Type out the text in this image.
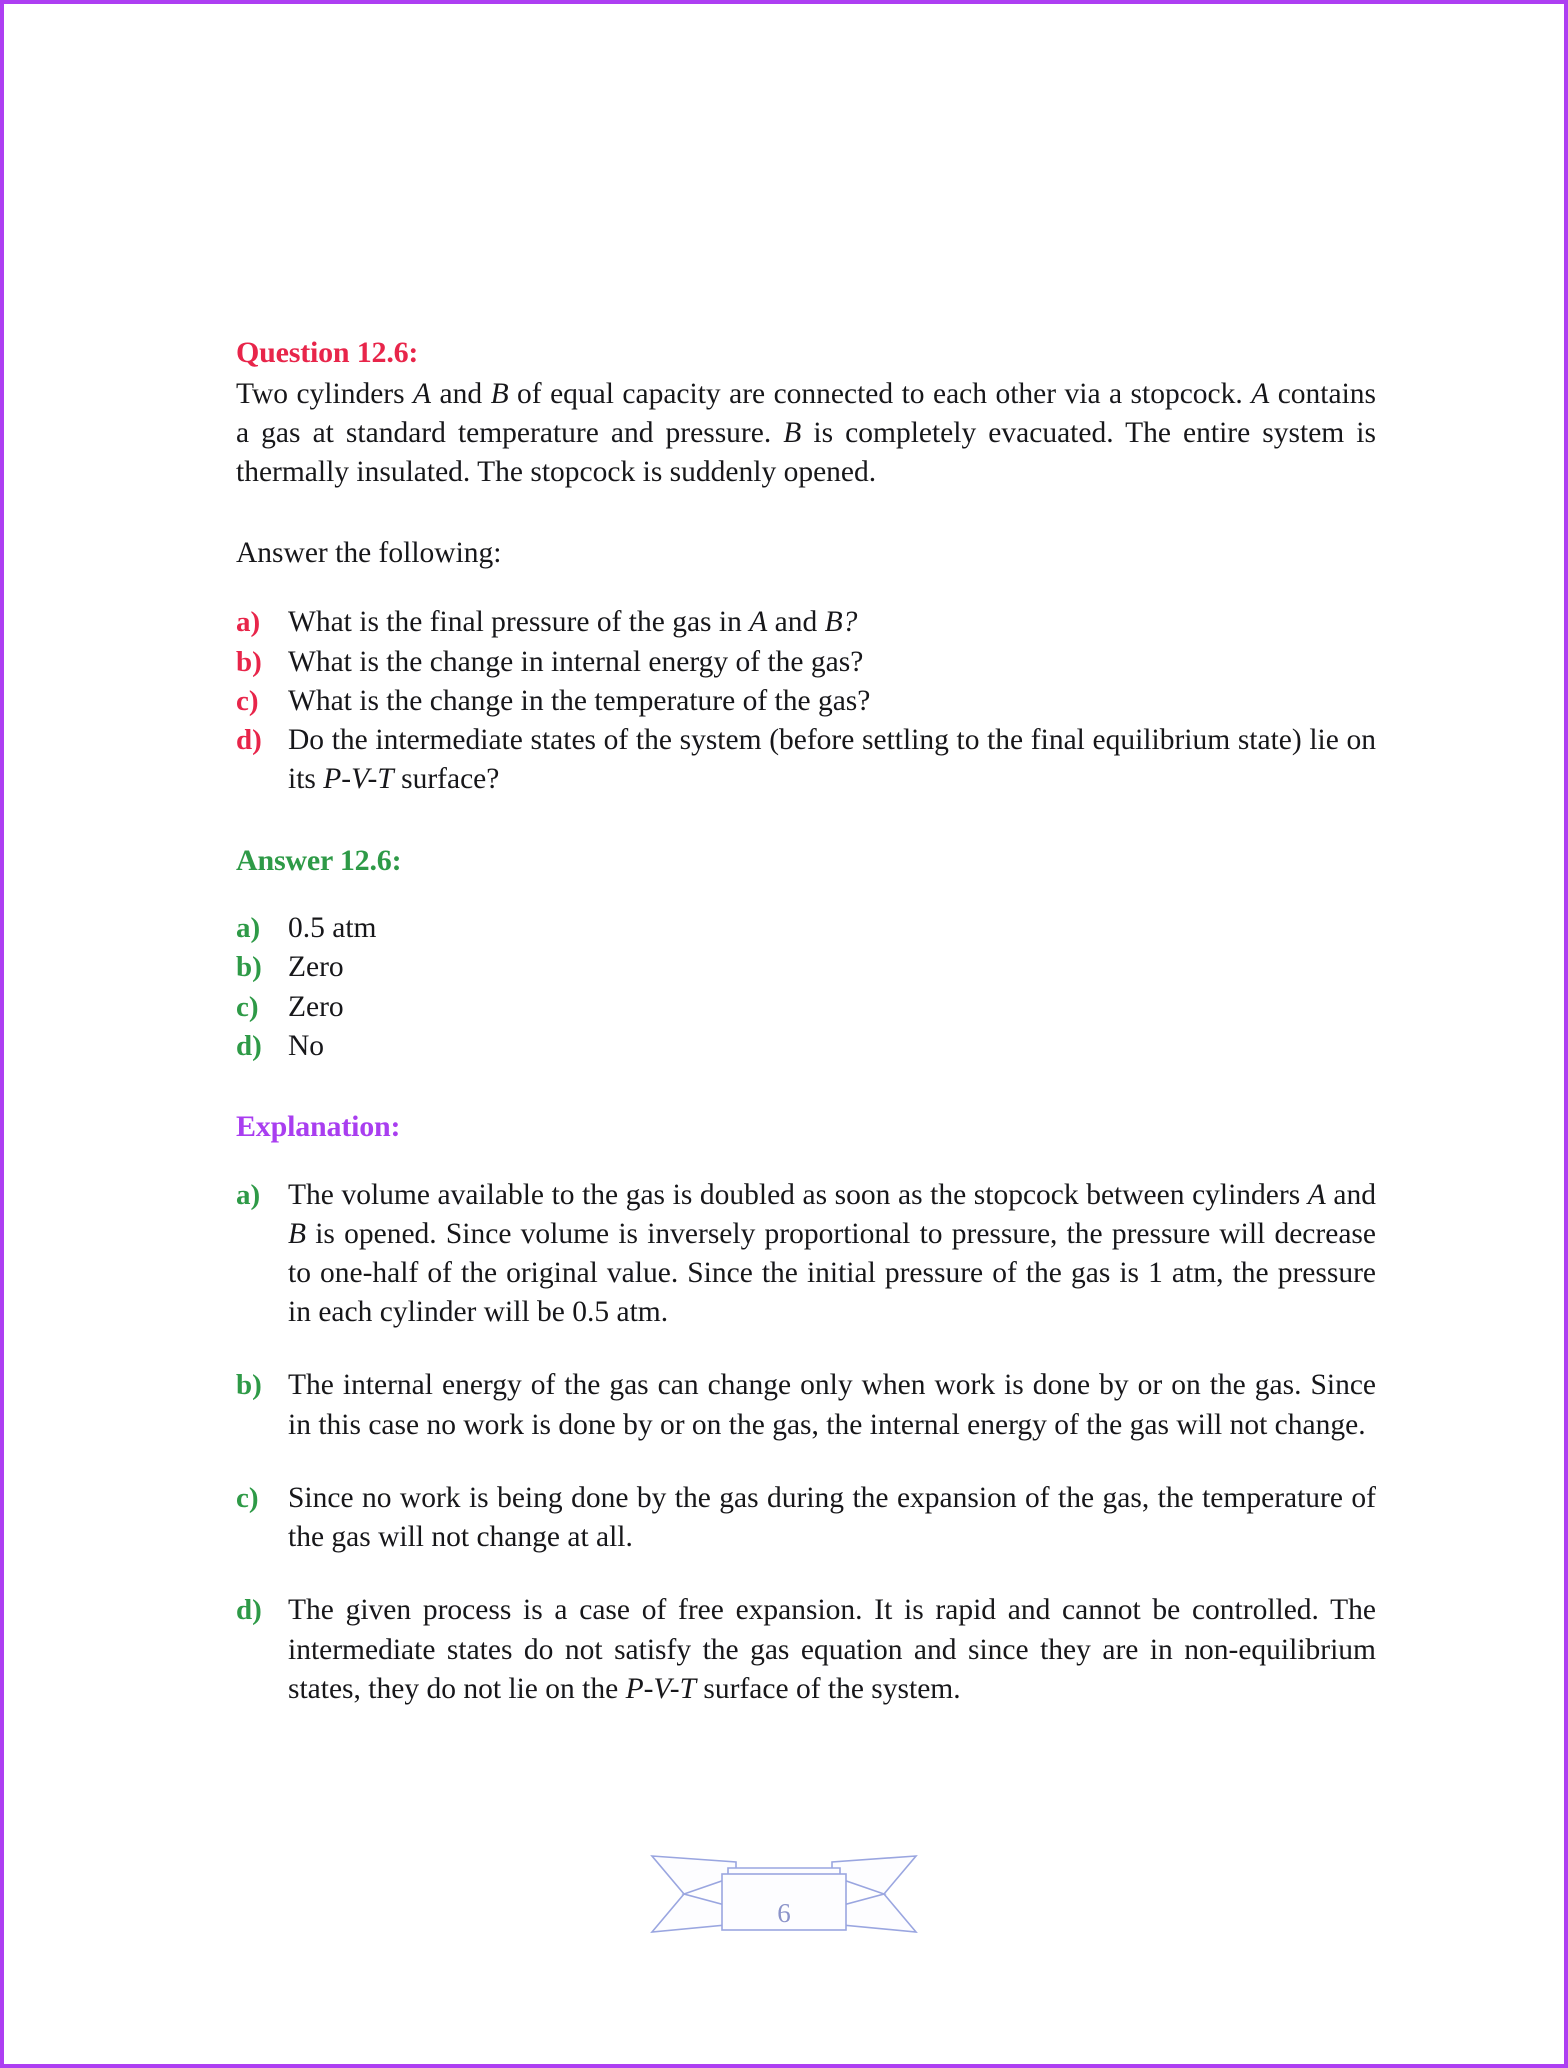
Question 12.6:

Two cylinders A and B of equal capacity are connected to each other via a stopcock. A contains a gas at standard temperature and pressure. B is completely evacuated. The entire system is thermally insulated. The stopcock is suddenly opened.

Answer the following:

a) What is the final pressure of the gas in A and B?
b) What is the change in internal energy of the gas?
c) What is the change in the temperature of the gas?
d) Do the intermediate states of the system (before settling to the final equilibrium state) lie on its P-V-T surface?
Answer 12.6:
a) 0.5 atm
b) Zero
c) Zero
d) No
Explanation:
a) The volume available to the gas is doubled as soon as the stopcock between cylinders A and B is opened. Since volume is inversely proportional to pressure, the pressure will decrease to one-half of the original value. Since the initial pressure of the gas is 1 atm, the pressure in each cylinder will be 0.5 atm.
b) The internal energy of the gas can change only when work is done by or on the gas. Since in this case no work is done by or on the gas, the internal energy of the gas will not change.
c) Since no work is being done by the gas during the expansion of the gas, the temperature of the gas will not change at all.
d) The given process is a case of free expansion. It is rapid and cannot be controlled. The intermediate states do not satisfy the gas equation and since they are in non-equilibrium states, they do not lie on the P-V-T surface of the system.
6
